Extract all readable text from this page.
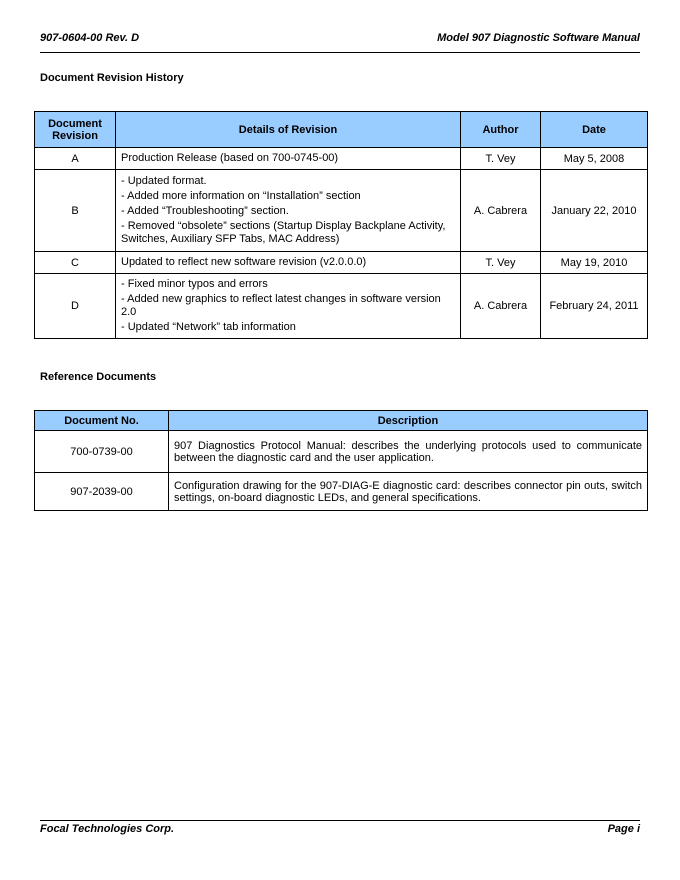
907-0604-00 Rev. D	Model 907 Diagnostic Software Manual
Document Revision History
Document Revision	Details of Revision	Author	Date
A	Production Release (based on 700-0745-00)	T. Vey	May 5, 2008
B	- Updated format.
- Added more information on “Installation” section
- Added “Troubleshooting” section.
- Removed “obsolete” sections (Startup Display Backplane Activity, Switches, Auxiliary SFP Tabs, MAC Address)	A. Cabrera	January 22, 2010
C	Updated to reflect new software revision (v2.0.0.0)	T. Vey	May 19, 2010
D	- Fixed minor typos and errors
- Added new graphics to reflect latest changes in software version 2.0
- Updated “Network” tab information	A. Cabrera	February 24, 2011
Reference Documents
Document No.	Description
700-0739-00	907 Diagnostics Protocol Manual: describes the underlying protocols used to communicate between the diagnostic card and the user application.
907-2039-00	Configuration drawing for the 907-DIAG-E diagnostic card: describes connector pin outs, switch settings, on-board diagnostic LEDs, and general specifications.
Focal Technologies Corp.	Page i
